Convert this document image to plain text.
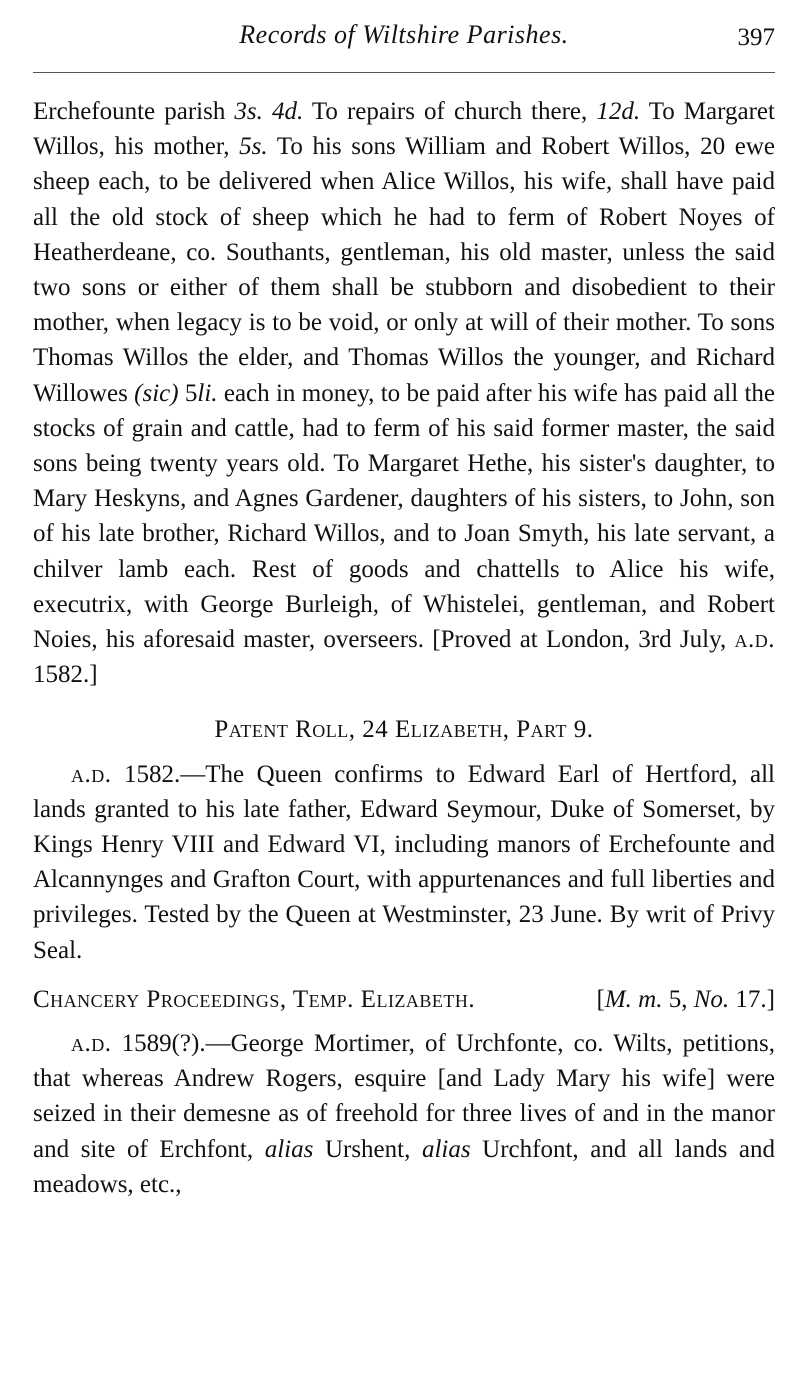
Records of Wiltshire Parishes.	397

Erchefounte parish 3s. 4d. To repairs of church there, 12d. To Margaret Willos, his mother, 5s. To his sons William and Robert Willos, 20 ewe sheep each, to be delivered when Alice Willos, his wife, shall have paid all the old stock of sheep which he had to ferm of Robert Noyes of Heatherdeane, co. Southants, gentleman, his old master, unless the said two sons or either of them shall be stubborn and disobedient to their mother, when legacy is to be void, or only at will of their mother. To sons Thomas Willos the elder, and Thomas Willos the younger, and Richard Willowes (sic) 5li. each in money, to be paid after his wife has paid all the stocks of grain and cattle, had to ferm of his said former master, the said sons being twenty years old. To Margaret Hethe, his sister's daughter, to Mary Heskyns, and Agnes Gardener, daughters of his sisters, to John, son of his late brother, Richard Willos, and to Joan Smyth, his late servant, a chilver lamb each. Rest of goods and chattells to Alice his wife, executrix, with George Burleigh, of Whistelei, gentleman, and Robert Noies, his aforesaid master, overseers. [Proved at London, 3rd July, a.d. 1582.]

Patent Roll, 24 Elizabeth, Part 9.

a.d. 1582.—The Queen confirms to Edward Earl of Hertford, all lands granted to his late father, Edward Seymour, Duke of Somerset, by Kings Henry VIII and Edward VI, including manors of Erchefounte and Alcannynges and Grafton Court, with appurtenances and full liberties and privileges. Tested by the Queen at Westminster, 23 June. By writ of Privy Seal.

Chancery Proceedings, Temp. Elizabeth.	[M. m. 5, No. 17.]

a.d. 1589(?).—George Mortimer, of Urchfonte, co. Wilts, petitions, that whereas Andrew Rogers, esquire [and Lady Mary his wife] were seized in their demesne as of freehold for three lives of and in the manor and site of Erchfont, alias Urshent, alias Urchfont, and all lands and meadows, etc.,
